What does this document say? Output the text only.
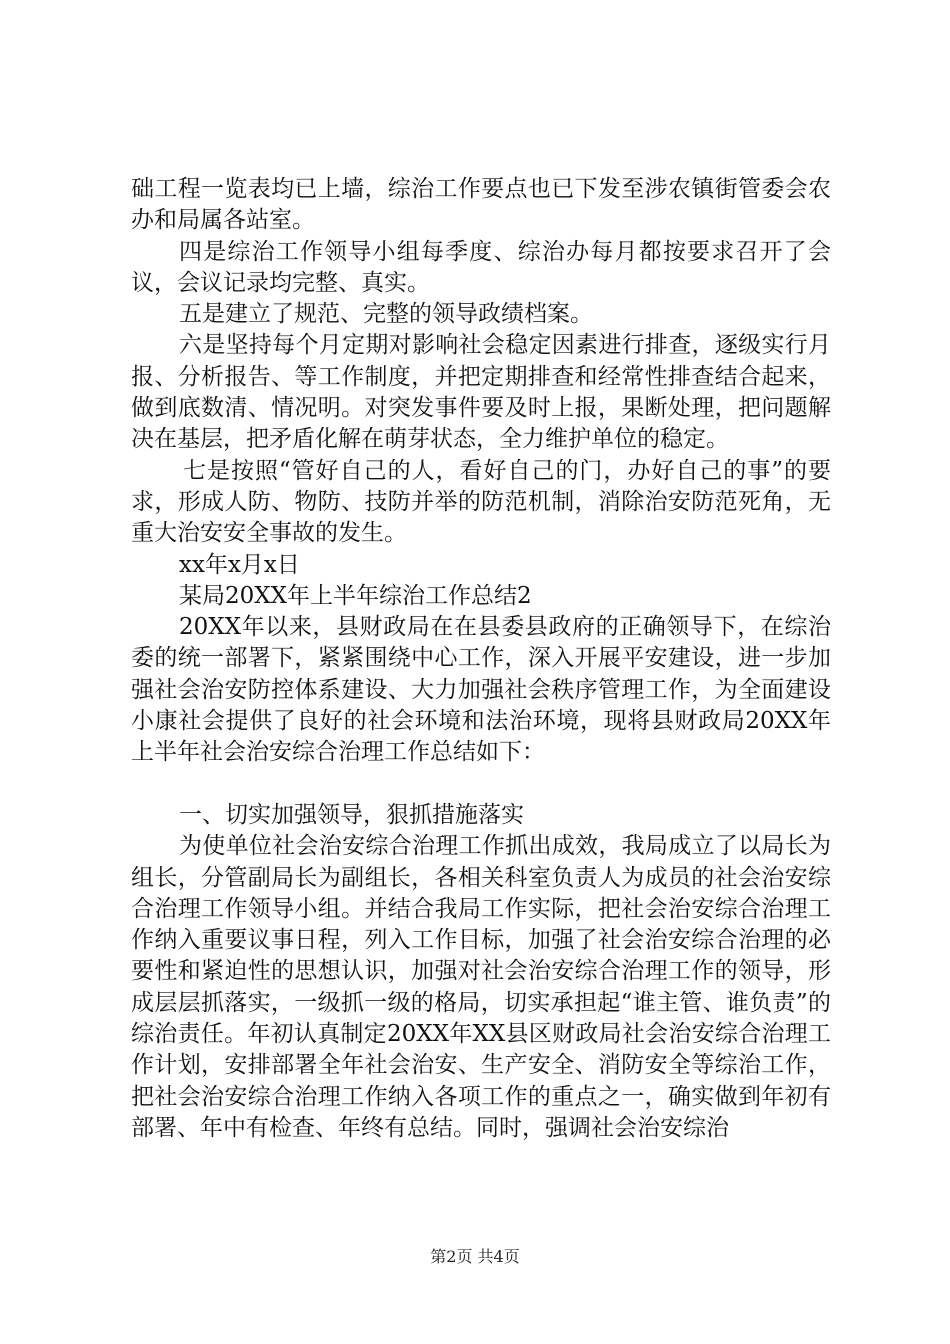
础工程一览表均已上墙，综治工作要点也已下发至涉农镇街管委会农办和局属各站室。

四是综治工作领导小组每季度、综治办每月都按要求召开了会议，会议记录均完整、真实。

五是建立了规范、完整的领导政绩档案。

六是坚持每个月定期对影响社会稳定因素进行排查，逐级实行月报、分析报告、等工作制度，并把定期排查和经常性排查结合起来，做到底数清、情况明。对突发事件要及时上报，果断处理，把问题解决在基层，把矛盾化解在萌芽状态，全力维护单位的稳定。

七是按照“管好自己的人，看好自己的门，办好自己的事”的要求，形成人防、物防、技防并举的防范机制，消除治安防范死角，无重大治安安全事故的发生。

xx年x月x日

某局20XX年上半年综治工作总结2

20XX年以来，县财政局在在县委县政府的正确领导下，在综治委的统一部署下，紧紧围绕中心工作，深入开展平安建设，进一步加强社会治安防控体系建设、大力加强社会秩序管理工作，为全面建设小康社会提供了良好的社会环境和法治环境，现将县财政局20XX年上半年社会治安综合治理工作总结如下：

一、切实加强领导，狠抓措施落实

为使单位社会治安综合治理工作抓出成效，我局成立了以局长为组长，分管副局长为副组长，各相关科室负责人为成员的社会治安综合治理工作领导小组。并结合我局工作实际，把社会治安综合治理工作纳入重要议事日程，列入工作目标，加强了社会治安综合治理的必要性和紧迫性的思想认识，加强对社会治安综合治理工作的领导，形成层层抓落实，一级抓一级的格局，切实承担起“谁主管、谁负责”的综治责任。年初认真制定20XX年XX县区财政局社会治安综合治理工作计划，安排部署全年社会治安、生产安全、消防安全等综治工作，把社会治安综合治理工作纳入各项工作的重点之一，确实做到年初有部署、年中有检查、年终有总结。同时，强调社会治安综治

第2页 共4页
